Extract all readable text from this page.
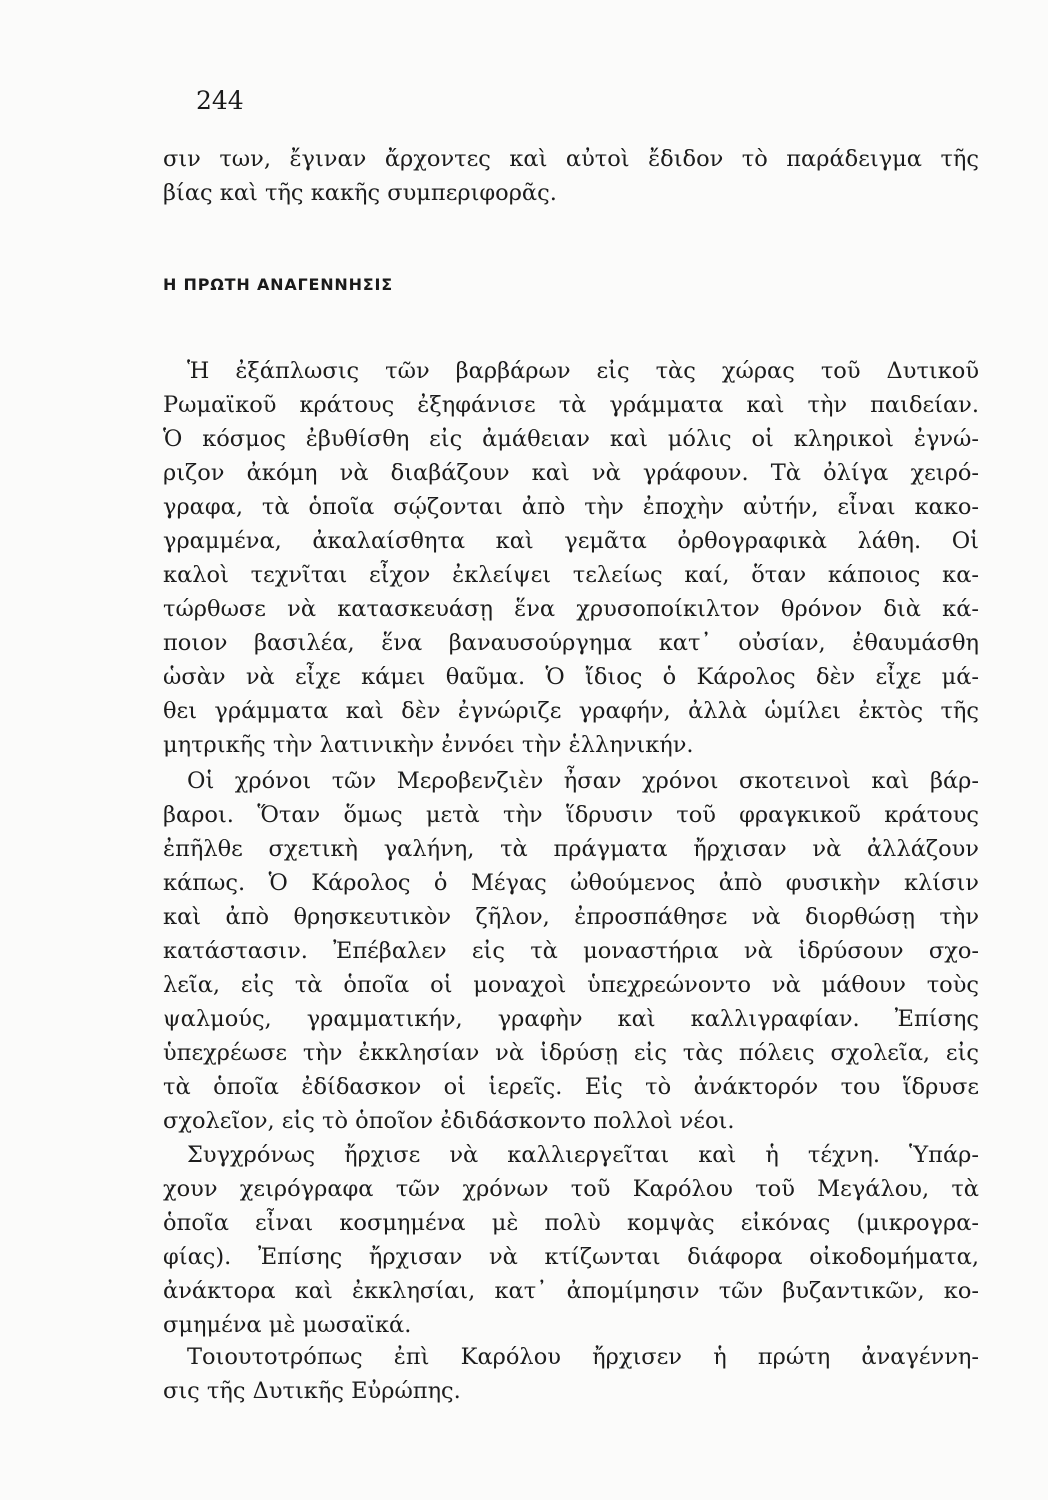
244

σιν των, ἔγιναν ἄρχοντες καὶ αὐτοὶ ἔδιδον τὸ παράδειγμα τῆς
βίας καὶ τῆς κακῆς συμπεριφορᾶς.
Η ΠΡΩΤΗ ΑΝΑΓΕΝΝΗΣΙΣ
Ἡ ἐξάπλωσις τῶν βαρβάρων εἰς τὰς χώρας τοῦ Δυτικοῦ
Ρωμαϊκοῦ κράτους ἐξηφάνισε τὰ γράμματα καὶ τὴν παιδείαν.
Ὁ κόσμος ἐβυθίσθη εἰς ἀμάθειαν καὶ μόλις οἱ κληρικοὶ ἐγνώ-
ριζον ἀκόμη νὰ διαβάζουν καὶ νὰ γράφουν. Τὰ ὀλίγα χειρό-
γραφα, τὰ ὁποῖα σῴζονται ἀπὸ τὴν ἐποχὴν αὐτήν, εἶναι κακο-
γραμμένα, ἀκαλαίσθητα καὶ γεμᾶτα ὀρθογραφικὰ λάθη. Οἱ
καλοὶ τεχνῖται εἶχον ἐκλείψει τελείως καί, ὅταν κάποιος κα-
τώρθωσε νὰ κατασκευάσῃ ἕνα χρυσοποίκιλτον θρόνον διὰ κά-
ποιον βασιλέα, ἕνα βαναυσούργημα κατ᾽ οὐσίαν, ἐθαυμάσθη
ὡσὰν νὰ εἶχε κάμει θαῦμα. Ὁ ἴδιος ὁ Κάρολος δὲν εἶχε μά-
θει γράμματα καὶ δὲν ἐγνώριζε γραφήν, ἀλλὰ ὡμίλει ἐκτὸς τῆς
μητρικῆς τὴν λατινικὴν ἐννόει τὴν ἑλληνικήν.
Οἱ χρόνοι τῶν Μεροβενζιὲν ἦσαν χρόνοι σκοτεινοὶ καὶ βάρ-
βαροι. Ὅταν ὅμως μετὰ τὴν ἵδρυσιν τοῦ φραγκικοῦ κράτους
ἐπῆλθε σχετικὴ γαλήνη, τὰ πράγματα ἤρχισαν νὰ ἀλλάζουν
κάπως. Ὁ Κάρολος ὁ Μέγας ὠθούμενος ἀπὸ φυσικὴν κλίσιν
καὶ ἀπὸ θρησκευτικὸν ζῆλον, ἐπροσπάθησε νὰ διορθώσῃ τὴν
κατάστασιν. Ἐπέβαλεν εἰς τὰ μοναστήρια νὰ ἱδρύσουν σχο-
λεῖα, εἰς τὰ ὁποῖα οἱ μοναχοὶ ὑπεχρεώνοντο νὰ μάθουν τοὺς
ψαλμούς, γραμματικήν, γραφὴν καὶ καλλιγραφίαν. Ἐπίσης
ὑπεχρέωσε τὴν ἐκκλησίαν νὰ ἱδρύσῃ εἰς τὰς πόλεις σχολεῖα, εἰς
τὰ ὁποῖα ἐδίδασκον οἱ ἱερεῖς. Εἰς τὸ ἀνάκτορόν του ἵδρυσε
σχολεῖον, εἰς τὸ ὁποῖον ἐδιδάσκοντο πολλοὶ νέοι.
Συγχρόνως ἤρχισε νὰ καλλιεργεῖται καὶ ἡ τέχνη. Ὑπάρ-
χουν χειρόγραφα τῶν χρόνων τοῦ Καρόλου τοῦ Μεγάλου, τὰ
ὁποῖα εἶναι κοσμημένα μὲ πολὺ κομψὰς εἰκόνας (μικρογρα-
φίας). Ἐπίσης ἤρχισαν νὰ κτίζωνται διάφορα οἰκοδομήματα,
ἀνάκτορα καὶ ἐκκλησίαι, κατ᾽ ἀπομίμησιν τῶν βυζαντικῶν, κο-
σμημένα μὲ μωσαϊκά.
Τοιουτοτρόπως ἐπὶ Καρόλου ἤρχισεν ἡ πρώτη ἀναγέννη-
σις τῆς Δυτικῆς Εὐρώπης.
